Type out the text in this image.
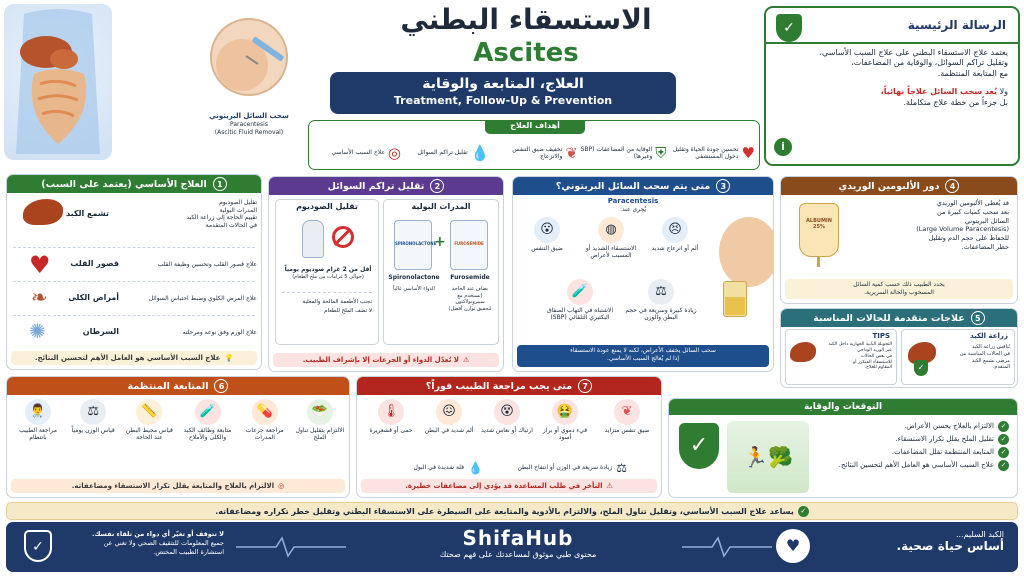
سحب السائل البريتوني
Paracentesis
(Ascitic Fluid Removal)
الاستسقاء البطني
Ascites
العلاج، المتابعة والوقاية
Treatment, Follow-Up & Prevention
أهداف العلاج
♥
تحسين جودة الحياة وتقليل دخول المستشفى
⛨
الوقاية من المضاعفات (SBP وغيرها)
❦
تخفيف ضيق التنفس والانزعاج
💧
تقليل تراكم السوائل
◎
علاج السبب الأساسي
✓	الرسالة الرئيسية
يعتمد علاج الاستسقاء البطني على علاج السبب الأساسي،
وتقليل تراكم السوائل، والوقاية من المضاعفات،
مع المتابعة المنتظمة.
ولا يُعد سحب السائل علاجاً نهائياً،
بل جزءاً من خطة علاج متكاملة.
i
1
العلاج الأساسي (يعتمد على السبب)
تشمع الكبد
تقليل الصوديوم
المدرات البولية
تقييم الحاجة إلى زراعة الكبد
في الحالات المتقدمة
♥	قصور القلب	علاج قصور القلب وتحسين وظيفة القلب
❧	أمراض الكلى	علاج المرض الكلوي وضبط احتباس السوائل
✺	السرطان	علاج الورم وفق نوعه ومرحلته
💡
علاج السبب الأساسي هو العامل الأهم لتحسين النتائج.
2
تقليل تراكم السوائل
المدرات البولية
SPIRONOLACTONE
+	FUROSEMIDE
Spironolactone	Furosemide
الدواء الأساسي غالباً	يضاف عند الحاجة
(يستخدم مع سبيرونولاكتون
لتحقيق توازن أفضل)
تقليل الصوديوم
أقل من 2 غرام صوديوم يومياً
(حوالي 5 غرامات من ملح الطعام)
تجنب الأطعمة المالحة والمعلبة
لا تضف الملح للطعام
⚠
لا تُعدّل الدواء أو الجرعات إلا بإشراف الطبيب.
3
متى يتم سحب السائل البريتوني؟
Paracentesis
يُجرى عند:
😮
ضيق التنفس
◍
الاستسقاء الشديد أو المسبب لأعراض
😣
ألم أو انزعاج شديد
🧪
الاشتباه في التهاب الصفاق البكتيري التلقائي (SBP)
⚖
زيادة كبيرة وسريعة في حجم البطن والوزن
سحب السائل يخفف الأعراض، لكنه لا يمنع عودة الاستسقاء
إذا لم يُعالج السبب الأساسي.
4
دور الألبومين الوريدي
ALBUMIN 25%
قد يُعطى الألبومين الوريدي
بعد سحب كميات كبيرة من
السائل البريتوني
(Large Volume Paracentesis)
للحفاظ على حجم الدم وتقليل
خطر المضاعفات.
يحدد الطبيب ذلك حسب كمية السائل
المسحوب والحالة السريرية.
5
علاجات متقدمة للحالات المناسبة
TIPS
التحويلة البابية الجهازية داخل الكبد
عبر الوريد الوداجي
في بعض الحالات
للاستسقاء المتكرر أو
المقاوم للعلاج.	✓
زراعة الكبد
تُناقش زراعة الكبد
في الحالات المناسبة من
مرضى تشمع الكبد
المتقدم.
6
المتابعة المنتظمة
👨‍⚕
مراجعة الطبيب بانتظام
⚖
قياس الوزن يومياً
📏
قياس محيط البطن عند الحاجة
🧪
متابعة وظائف الكبد والكلى والأملاح
💊
مراجعة جرعات المدرات
🥗
الالتزام بتقليل تناول الملح
◎
الالتزام بالعلاج والمتابعة يقلل تكرار الاستسقاء ومضاعفاته.
7
متى يجب مراجعة الطبيب فوراً؟
🌡
حمى أو قشعريرة
😖
ألم شديد في البطن
😵
ارتباك أو نعاس شديد
🤮
قيء دموي أو براز أسود
❦
ضيق تنفس متزايد
💧
قلة شديدة في البول	⚖
زيادة سريعة في الوزن أو انتفاخ البطن
⚠
التأخر في طلب المساعدة قد يؤدي إلى مضاعفات خطيرة.
التوقعات والوقاية
✓	🏃🥦
✓
الالتزام بالعلاج يحسن الأعراض.
✓
تقليل الملح يقلل تكرار الاستسقاء.
✓
المتابعة المنتظمة تقلل المضاعفات.
✓
علاج السبب الأساسي هو العامل الأهم لتحسين النتائج.
✓
يساعد علاج السبب الأساسي، وتقليل تناول الملح، والالتزام بالأدوية والمتابعة على السيطرة على الاستسقاء البطني وتقليل خطر تكراره ومضاعفاته.
✓
لا تتوقف أو تغيّر أي دواء من تلقاء نفسك.
جميع المعلومات للتثقيف الصحي ولا تغني عن
استشارة الطبيب المختص.
ShifaHub
محتوى طبي موثوق لمساعدتك على فهم صحتك	♥
الكبد السليم...
أساس حياة صحية.
